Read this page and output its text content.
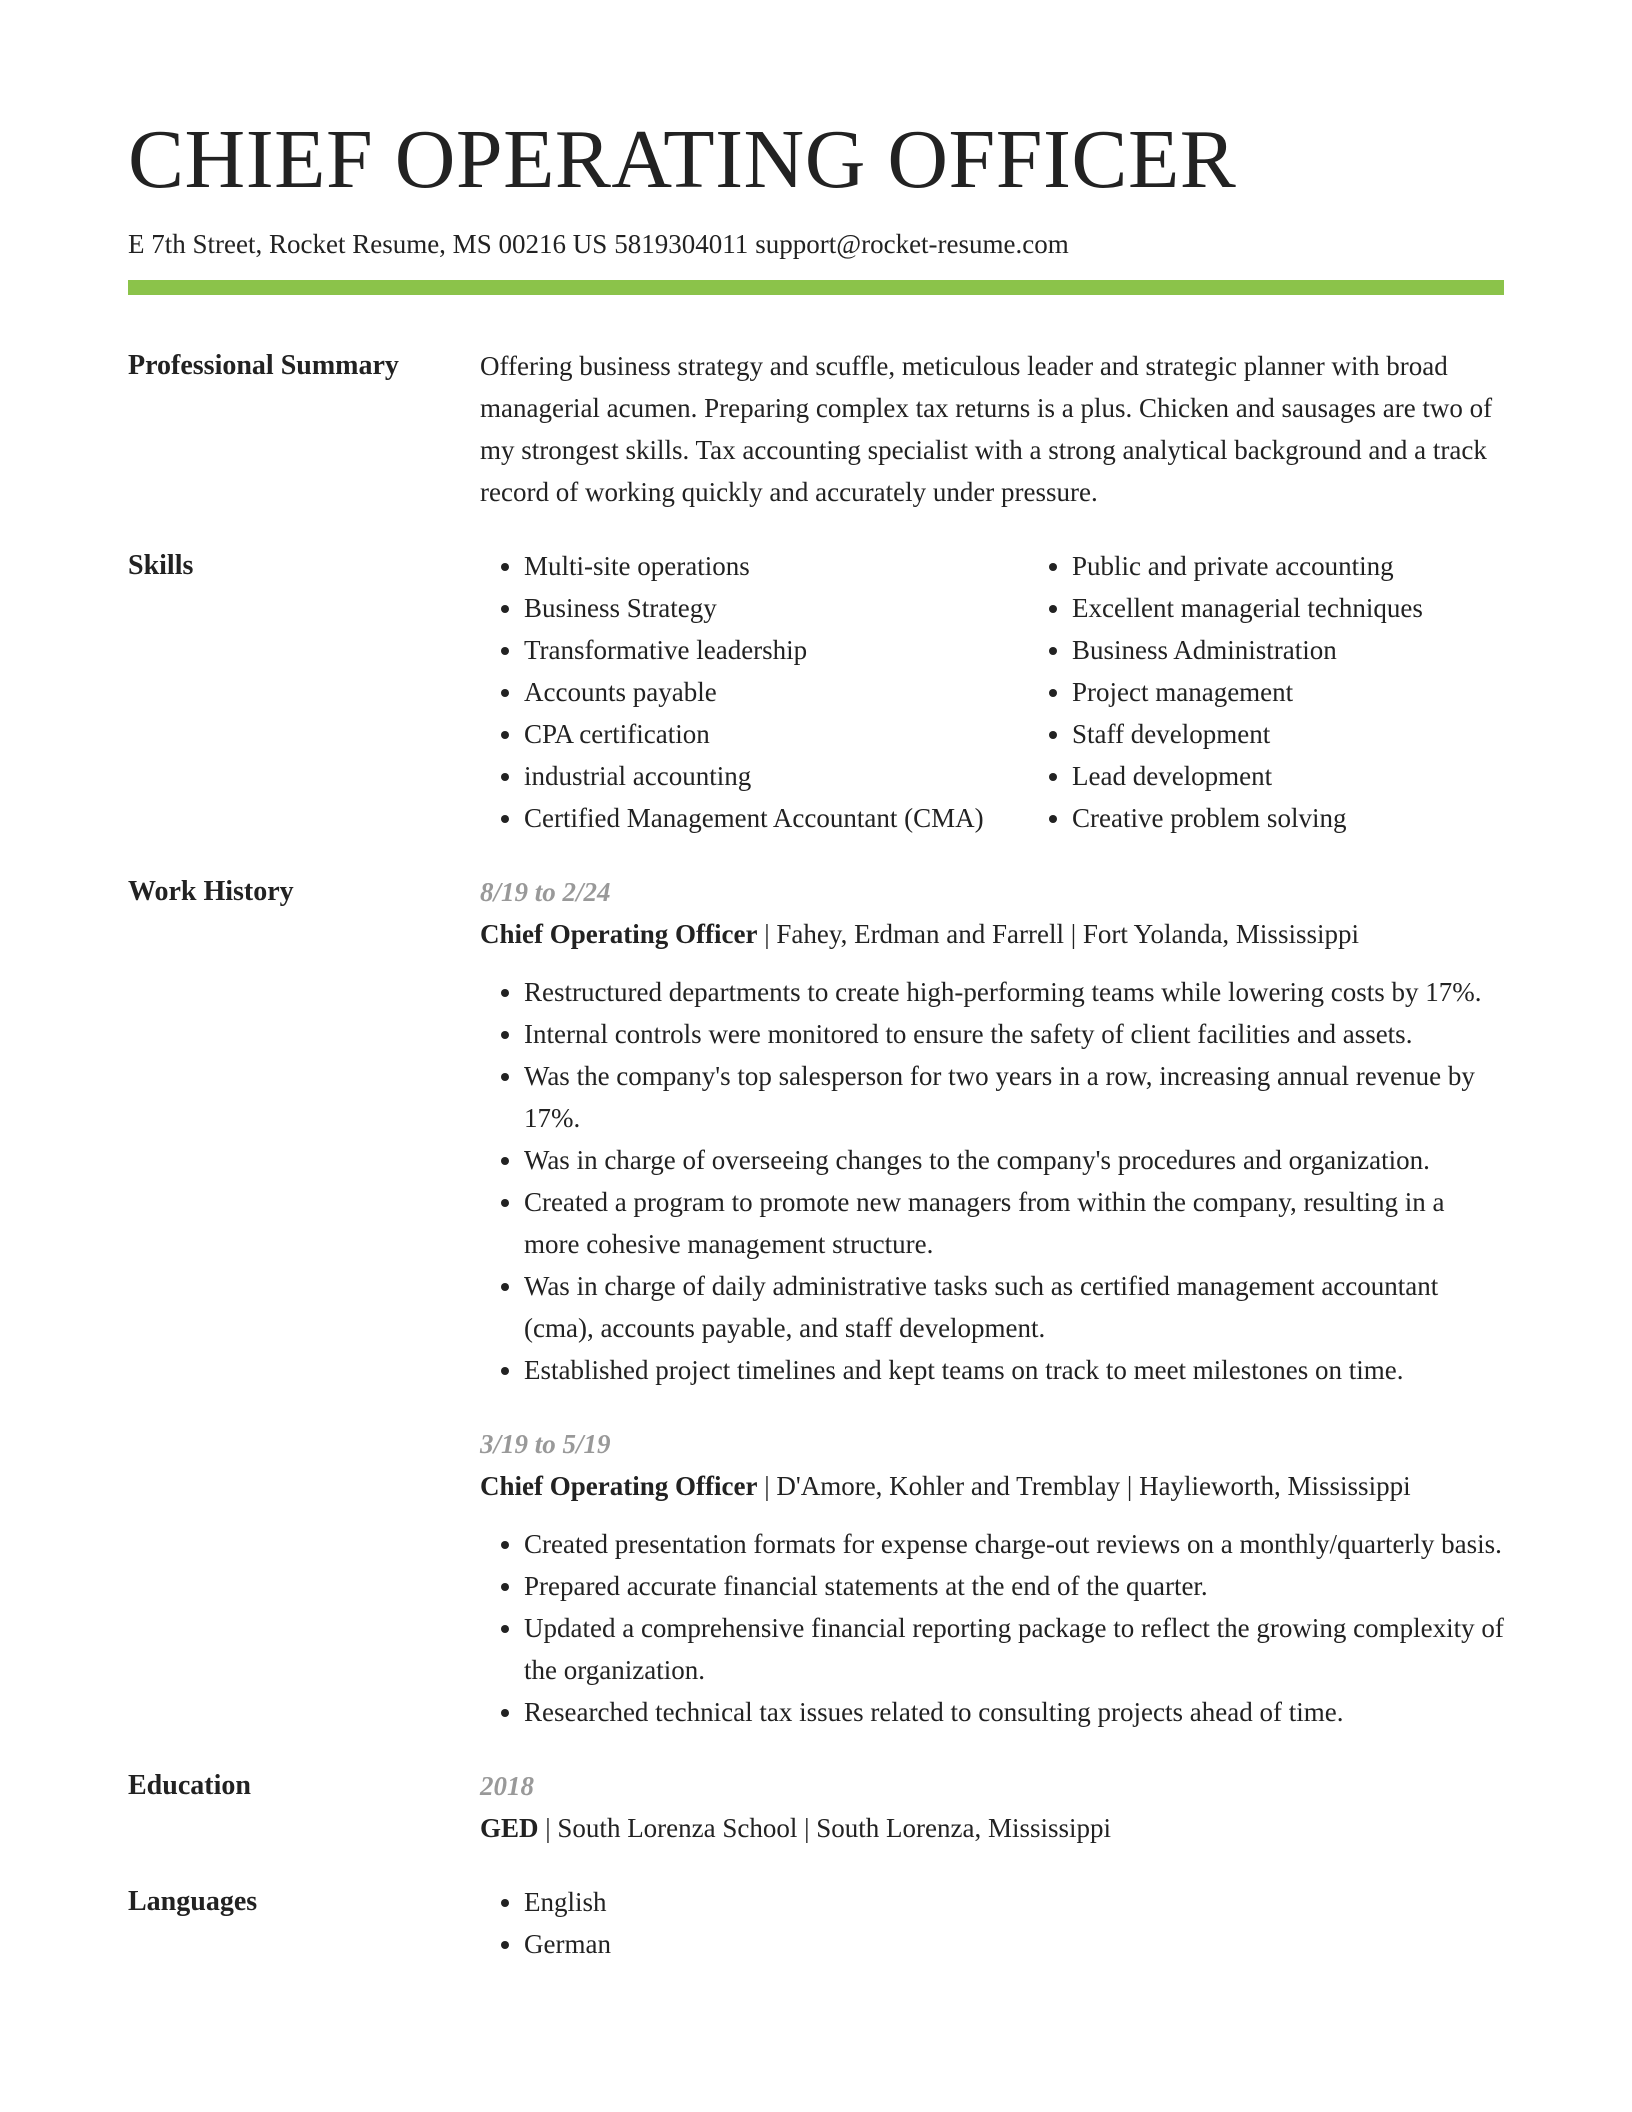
CHIEF OPERATING OFFICER
E 7th Street, Rocket Resume, MS 00216 US 5819304011 support@rocket-resume.com
Professional Summary	Offering business strategy and scuffle, meticulous leader and strategic planner with broad managerial acumen. Preparing complex tax returns is a plus. Chicken and sausages are two of my strongest skills. Tax accounting specialist with a strong analytical background and a track record of working quickly and accurately under pressure.

Skills	• Multi-site operations
• Business Strategy
• Transformative leadership
• Accounts payable
• CPA certification
• industrial accounting
• Certified Management Accountant (CMA)
• Public and private accounting
• Excellent managerial techniques
• Business Administration
• Project management
• Staff development
• Lead development
• Creative problem solving
Work History	8/19 to 2/24
Chief Operating Officer | Fahey, Erdman and Farrell | Fort Yolanda, Mississippi
• Restructured departments to create high-performing teams while lowering costs by 17%.
• Internal controls were monitored to ensure the safety of client facilities and assets.
• Was the company's top salesperson for two years in a row, increasing annual revenue by 17%.
• Was in charge of overseeing changes to the company's procedures and organization.
• Created a program to promote new managers from within the company, resulting in a more cohesive management structure.
• Was in charge of daily administrative tasks such as certified management accountant (cma), accounts payable, and staff development.
• Established project timelines and kept teams on track to meet milestones on time.
3/19 to 5/19
Chief Operating Officer | D'Amore, Kohler and Tremblay | Haylieworth, Mississippi
• Created presentation formats for expense charge-out reviews on a monthly/quarterly basis.
• Prepared accurate financial statements at the end of the quarter.
• Updated a comprehensive financial reporting package to reflect the growing complexity of the organization.
• Researched technical tax issues related to consulting projects ahead of time.
Education	2018
GED | South Lorenza School | South Lorenza, Mississippi
Languages	• English
• German
